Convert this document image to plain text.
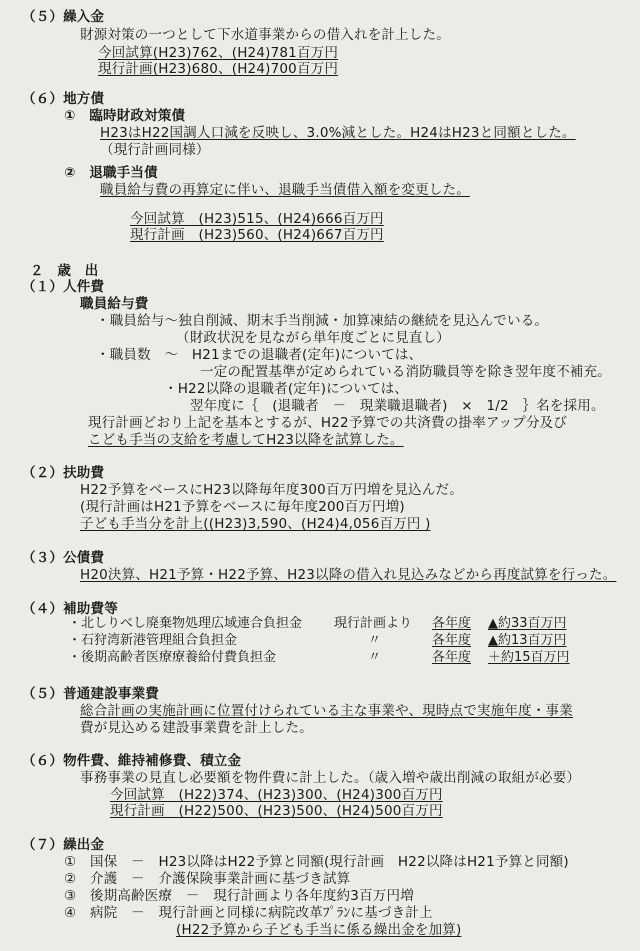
（５）繰入金
財源対策の一つとして下水道事業からの借入れを計上した。
今回試算(H23)762、(H24)781百万円
現行計画(H23)680、(H24)700百万円
（６）地方債
①　臨時財政対策債
H23はH22国調人口減を反映し、3.0%減とした。H24はH23と同額とした。
（現行計画同様）
②　退職手当債
職員給与費の再算定に伴い、退職手当債借入額を変更した。
今回試算　(H23)515、(H24)666百万円
現行計画　(H23)560、(H24)667百万円
２　歳　出
（１）人件費
職員給与費
・職員給与～独自削減、期末手当削減・加算凍結の継続を見込んでいる。
（財政状況を見ながら単年度ごとに見直し）
・職員数　～　H21までの退職者(定年)については、
一定の配置基準が定められている消防職員等を除き翌年度不補充。
・H22以降の退職者(定年)については、
翌年度に｛　(退職者　－　現業職退職者)　×　1/2　｝名を採用。
現行計画どおり上記を基本とするが、H22予算での共済費の掛率アップ分及び
こども手当の支給を考慮してH23以降を試算した。
（２）扶助費
H22予算をベースにH23以降毎年度300百万円増を見込んだ。
(現行計画はH21予算をベースに毎年度200百万円増)
子ども手当分を計上((H23)3,590、(H24)4,056百万円 )
（３）公債費
H20決算、H21予算・H22予算、H23以降の借入れ見込みなどから再度試算を行った。
（４）補助費等
・北しりべし廃棄物処理広域連合負担金 現行計画より 各年度 ▲約33百万円
・石狩湾新港管理組合負担金	〃	各年度 ▲約13百万円
・後期高齢者医療療養給付費負担金	〃	各年度 ＋約15百万円
（５）普通建設事業費
総合計画の実施計画に位置付けられている主な事業や、現時点で実施年度・事業
費が見込める建設事業費を計上した。
（６）物件費、維持補修費、積立金
事務事業の見直し必要額を物件費に計上した。（歳入増や歳出削減の取組が必要）
今回試算　(H22)374、(H23)300、(H24)300百万円
現行計画　(H22)500、(H23)500、(H24)500百万円
（７）繰出金
①　国保　－　H23以降はH22予算と同額(現行計画　H22以降はH21予算と同額)
②　介護　－　介護保険事業計画に基づき試算
③　後期高齢医療　－　現行計画より各年度約3百万円増
④　病院　－　現行計画と同様に病院改革ﾌﾟﾗﾝに基づき計上
(H22予算から子ども手当に係る繰出金を加算)
